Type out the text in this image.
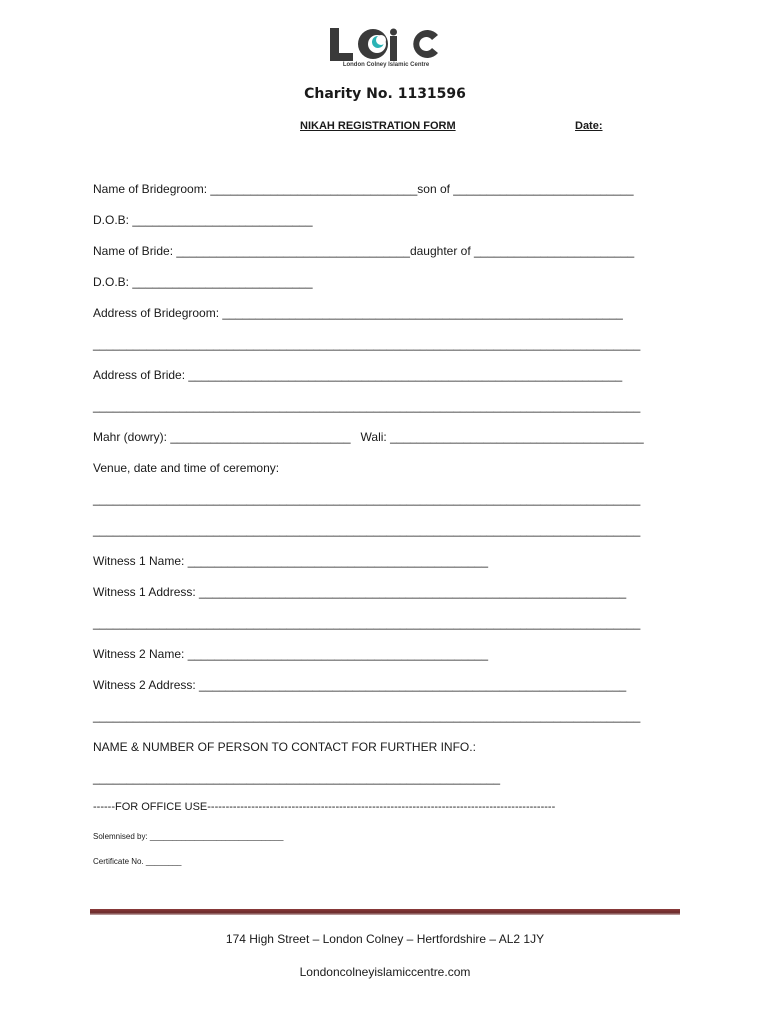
London Colney Islamic Centre
Charity No. 1131596
NIKAH REGISTRATION FORM	Date:
Name of Bridegroom: _______________________________son of ___________________________
D.O.B: ___________________________
Name of Bride: ___________________________________daughter of ________________________
D.O.B: ___________________________
Address of Bridegroom: ____________________________________________________________
__________________________________________________________________________________
Address of Bride: _________________________________________________________________
__________________________________________________________________________________
Mahr (dowry): ___________________________   Wali: ______________________________________
Venue, date and time of ceremony:
__________________________________________________________________________________
__________________________________________________________________________________
Witness 1 Name: _____________________________________________
Witness 1 Address: ________________________________________________________________
__________________________________________________________________________________
Witness 2 Name: _____________________________________________
Witness 2 Address: ________________________________________________________________
__________________________________________________________________________________
NAME & NUMBER OF PERSON TO CONTACT FOR FURTHER INFO.:
_____________________________________________________________
------FOR OFFICE USE-----------------------------------------------------------------------------------------------
Solemnised by: ______________________________
Certificate No. ________
174 High Street – London Colney – Hertfordshire – AL2 1JY
Londoncolneyislamiccentre.com
